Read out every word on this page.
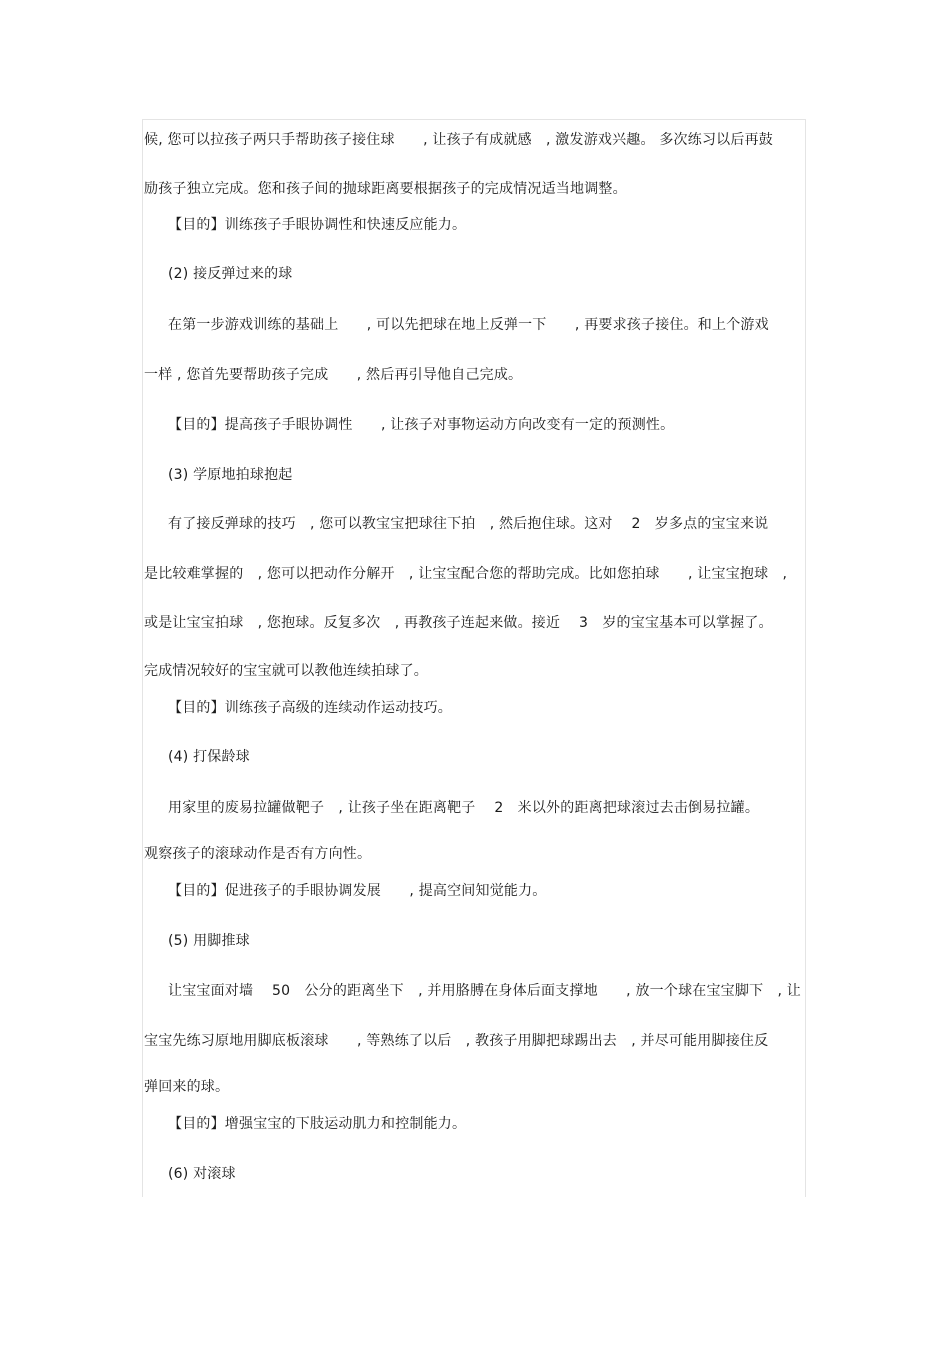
候, 您可以拉孩子两只手帮助孩子接住球　　, 让孩子有成就感　, 激发游戏兴趣。 多次练习以后再鼓
励孩子独立完成。您和孩子间的抛球距离要根据孩子的完成情况适当地调整。
【目的】训练孩子手眼协调性和快速反应能力。
(2) 接反弹过来的球
在第一步游戏训练的基础上　　, 可以先把球在地上反弹一下　　, 再要求孩子接住。和上个游戏
一样 , 您首先要帮助孩子完成　　, 然后再引导他自己完成。
【目的】提高孩子手眼协调性　　, 让孩子对事物运动方向改变有一定的预测性。
(3) 学原地拍球抱起
有了接反弹球的技巧　, 您可以教宝宝把球往下拍　, 然后抱住球。这对　 2　岁多点的宝宝来说
是比较难掌握的　, 您可以把动作分解开　, 让宝宝配合您的帮助完成。比如您拍球　　, 让宝宝抱球　,
或是让宝宝拍球　, 您抱球。反复多次　, 再教孩子连起来做。接近　 3　岁的宝宝基本可以掌握了。
完成情况较好的宝宝就可以教他连续拍球了。
【目的】训练孩子高级的连续动作运动技巧。
(4) 打保龄球
用家里的废易拉罐做靶子　, 让孩子坐在距离靶子　 2　米以外的距离把球滚过去击倒易拉罐。
观察孩子的滚球动作是否有方向性。
【目的】促进孩子的手眼协调发展　　, 提高空间知觉能力。
(5) 用脚推球
让宝宝面对墙　 50　公分的距离坐下　, 并用胳膊在身体后面支撑地　　, 放一个球在宝宝脚下　, 让
宝宝先练习原地用脚底板滚球　　, 等熟练了以后　, 教孩子用脚把球踢出去　, 并尽可能用脚接住反
弹回来的球。
【目的】增强宝宝的下肢运动肌力和控制能力。
(6) 对滚球
